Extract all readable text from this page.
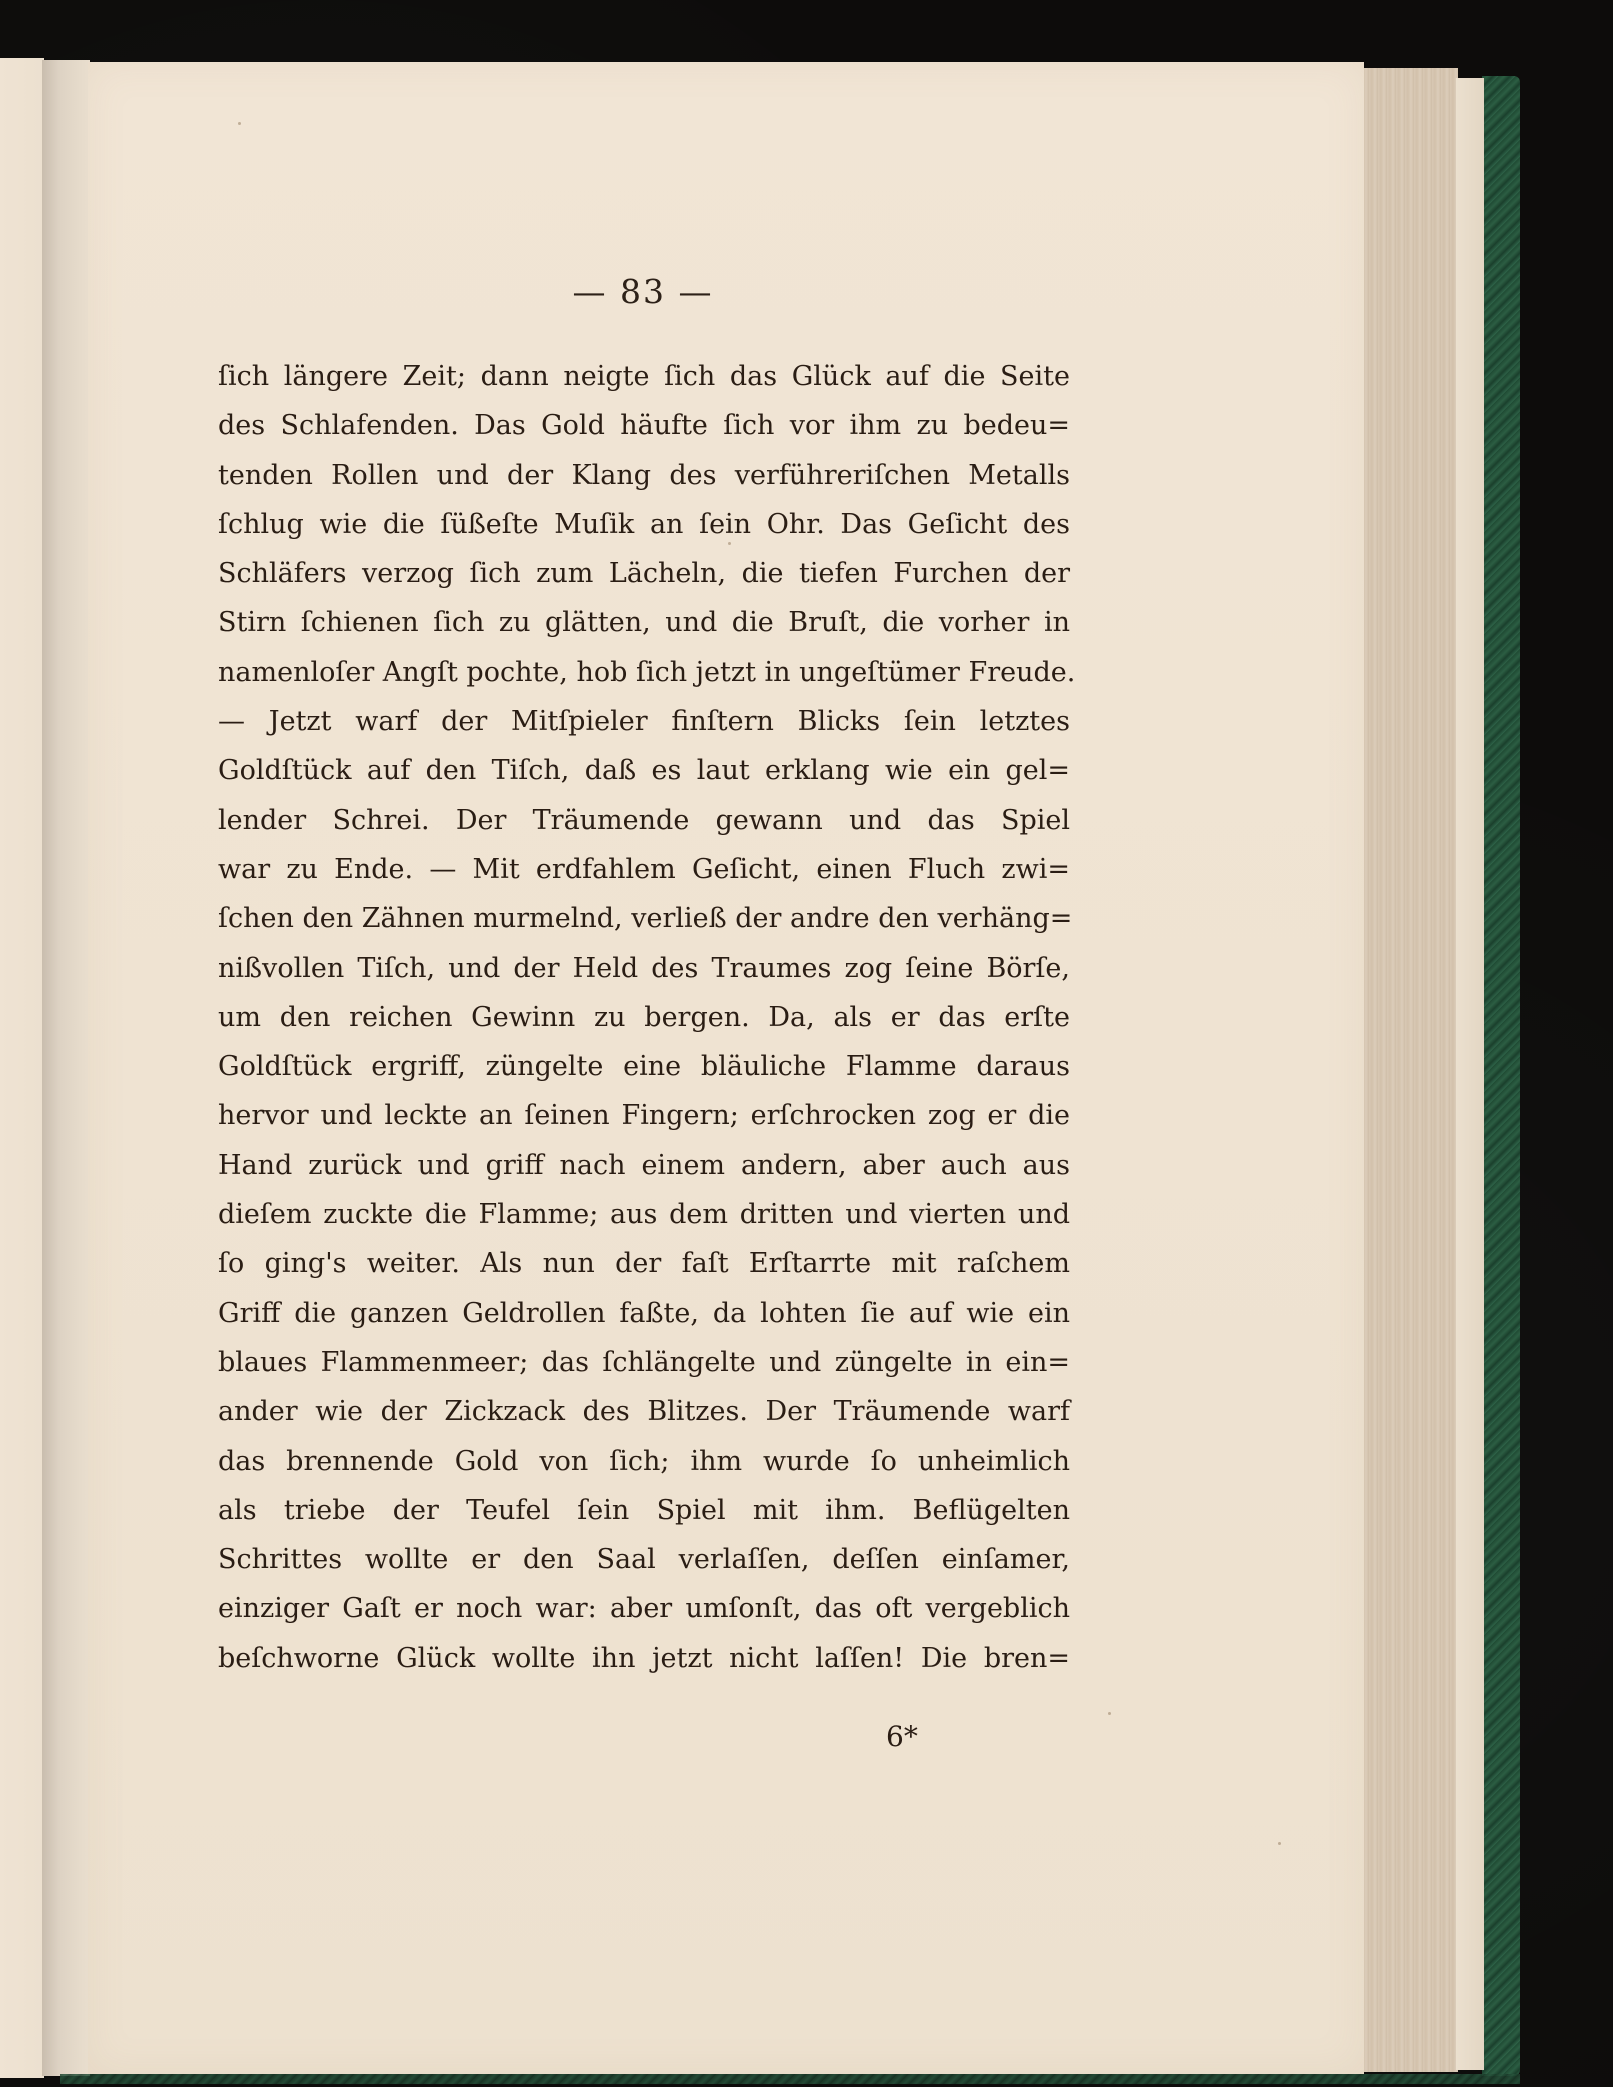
— 83 —
ſich längere Zeit; dann neigte ſich das Glück auf die Seite
des Schlafenden. Das Gold häufte ſich vor ihm zu bedeu=
tenden Rollen und der Klang des verführeriſchen Metalls
ſchlug wie die ſüßeſte Muſik an ſein Ohr. Das Geſicht des
Schläfers verzog ſich zum Lächeln, die tiefen Furchen der
Stirn ſchienen ſich zu glätten, und die Bruſt, die vorher in
namenloſer Angſt pochte, hob ſich jetzt in ungeſtümer Freude.
— Jetzt warf der Mitſpieler finſtern Blicks ſein letztes
Goldſtück auf den Tiſch, daß es laut erklang wie ein gel=
lender Schrei. Der Träumende gewann und das Spiel
war zu Ende. — Mit erdfahlem Geſicht, einen Fluch zwi=
ſchen den Zähnen murmelnd, verließ der andre den verhäng=
nißvollen Tiſch, und der Held des Traumes zog ſeine Börſe,
um den reichen Gewinn zu bergen. Da, als er das erſte
Goldſtück ergriff, züngelte eine bläuliche Flamme daraus
hervor und leckte an ſeinen Fingern; erſchrocken zog er die
Hand zurück und griff nach einem andern, aber auch aus
dieſem zuckte die Flamme; aus dem dritten und vierten und
ſo ging's weiter. Als nun der faſt Erſtarrte mit raſchem
Griff die ganzen Geldrollen faßte, da lohten ſie auf wie ein
blaues Flammenmeer; das ſchlängelte und züngelte in ein=
ander wie der Zickzack des Blitzes. Der Träumende warf
das brennende Gold von ſich; ihm wurde ſo unheimlich
als triebe der Teufel ſein Spiel mit ihm. Beflügelten
Schrittes wollte er den Saal verlaſſen, deſſen einſamer,
einziger Gaſt er noch war: aber umſonſt, das oft vergeblich
beſchworne Glück wollte ihn jetzt nicht laſſen! Die bren=
6*
